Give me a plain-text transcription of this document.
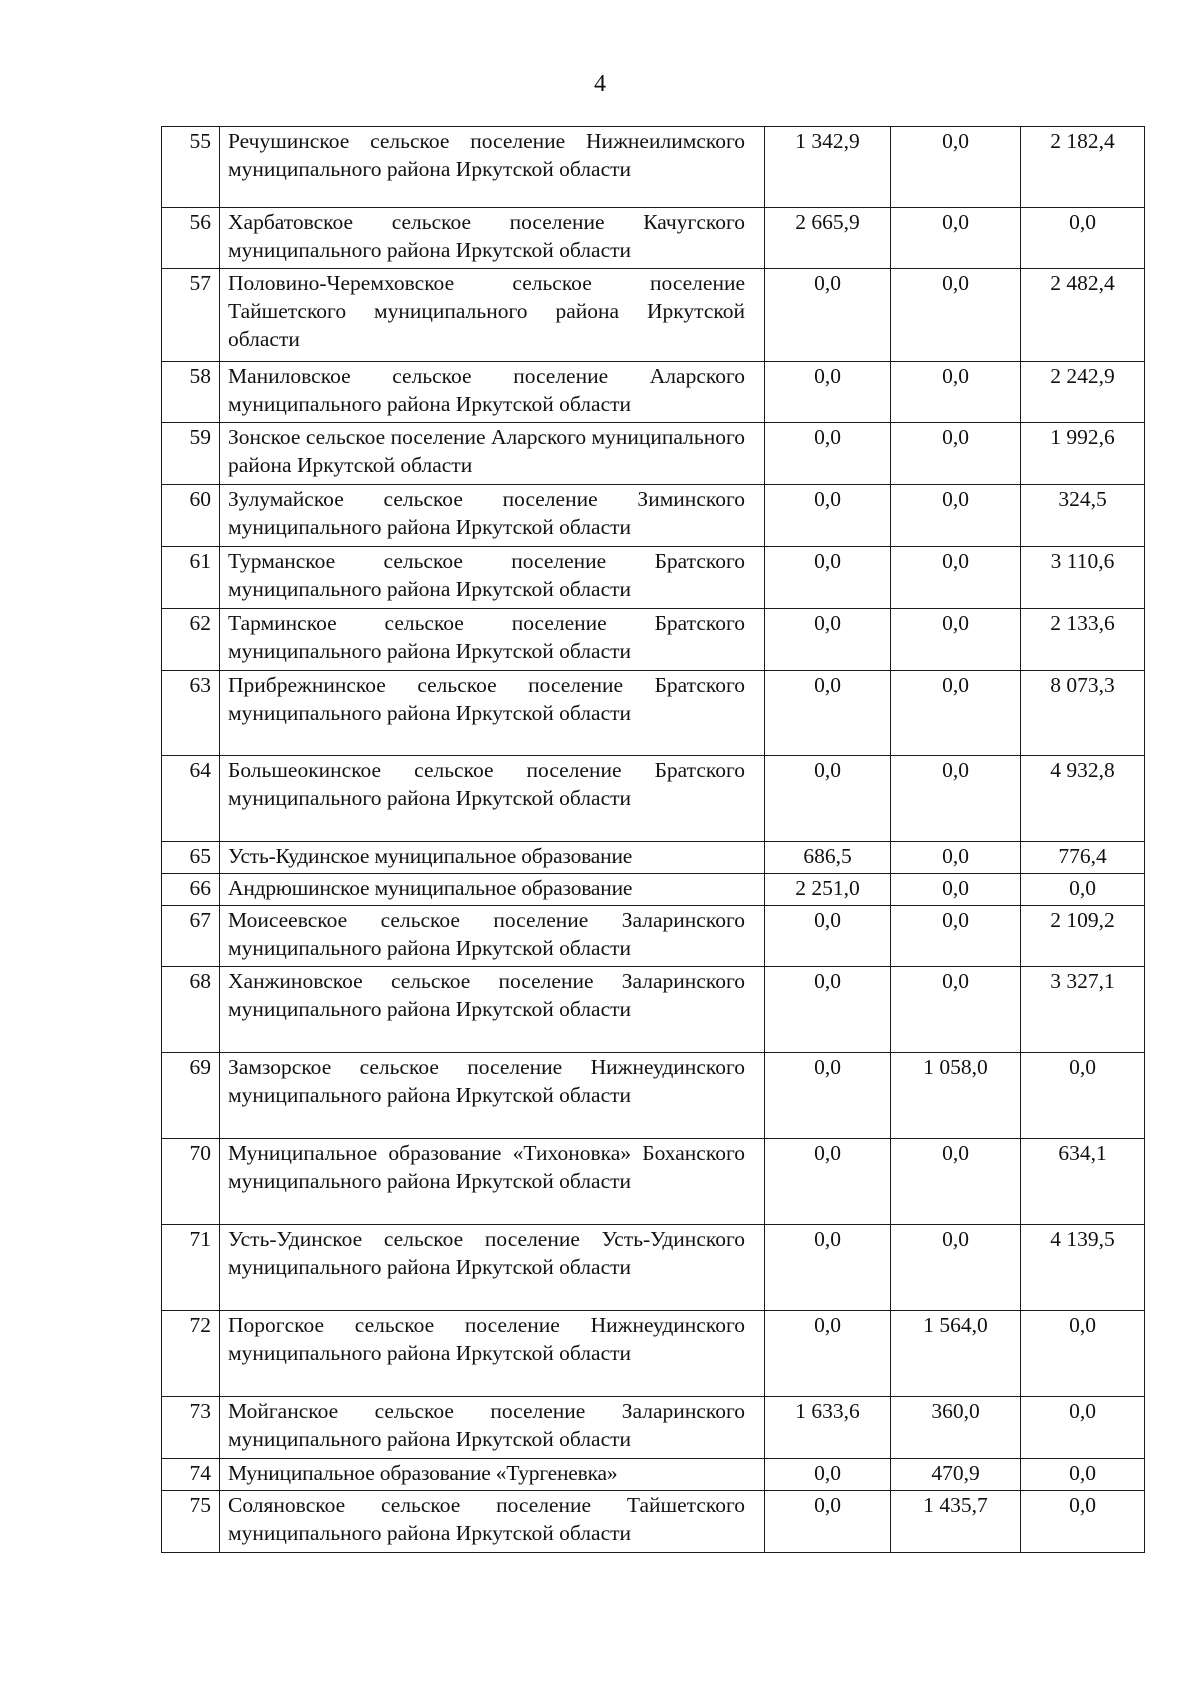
4
55	Речушинское сельское поселение Нижнеилимского муниципального района Иркутской области	1 342,9	0,0	2 182,4
56	Харбатовское сельское поселение Качугского муниципального района Иркутской области	2 665,9	0,0	0,0
57	Половино-Черемховское сельское поселение Тайшетского муниципального района Иркутской области	0,0	0,0	2 482,4
58	Маниловское сельское поселение Аларского муниципального района Иркутской области	0,0	0,0	2 242,9
59	Зонское сельское поселение Аларского муниципального района Иркутской области	0,0	0,0	1 992,6
60	Зулумайское сельское поселение Зиминского муниципального района Иркутской области	0,0	0,0	324,5
61	Турманское сельское поселение Братского муниципального района Иркутской области	0,0	0,0	3 110,6
62	Тарминское сельское поселение Братского муниципального района Иркутской области	0,0	0,0	2 133,6
63	Прибрежнинское сельское поселение Братского муниципального района Иркутской области	0,0	0,0	8 073,3
64	Большеокинское сельское поселение Братского муниципального района Иркутской области	0,0	0,0	4 932,8
65	Усть-Кудинское муниципальное образование	686,5	0,0	776,4
66	Андрюшинское муниципальное образование	2 251,0	0,0	0,0
67	Моисеевское сельское поселение Заларинского муниципального района Иркутской области	0,0	0,0	2 109,2
68	Ханжиновское сельское поселение Заларинского муниципального района Иркутской области	0,0	0,0	3 327,1
69	Замзорское сельское поселение Нижнеудинского муниципального района Иркутской области	0,0	1 058,0	0,0
70	Муниципальное образование «Тихоновка» Боханского муниципального района Иркутской области	0,0	0,0	634,1
71	Усть-Удинское сельское поселение Усть-Удинского муниципального района Иркутской области	0,0	0,0	4 139,5
72	Порогское сельское поселение Нижнеудинского муниципального района Иркутской области	0,0	1 564,0	0,0
73	Мойганское сельское поселение Заларинского муниципального района Иркутской области	1 633,6	360,0	0,0
74	Муниципальное образование «Тургеневка»	0,0	470,9	0,0
75	Соляновское сельское поселение Тайшетского муниципального района Иркутской области	0,0	1 435,7	0,0
